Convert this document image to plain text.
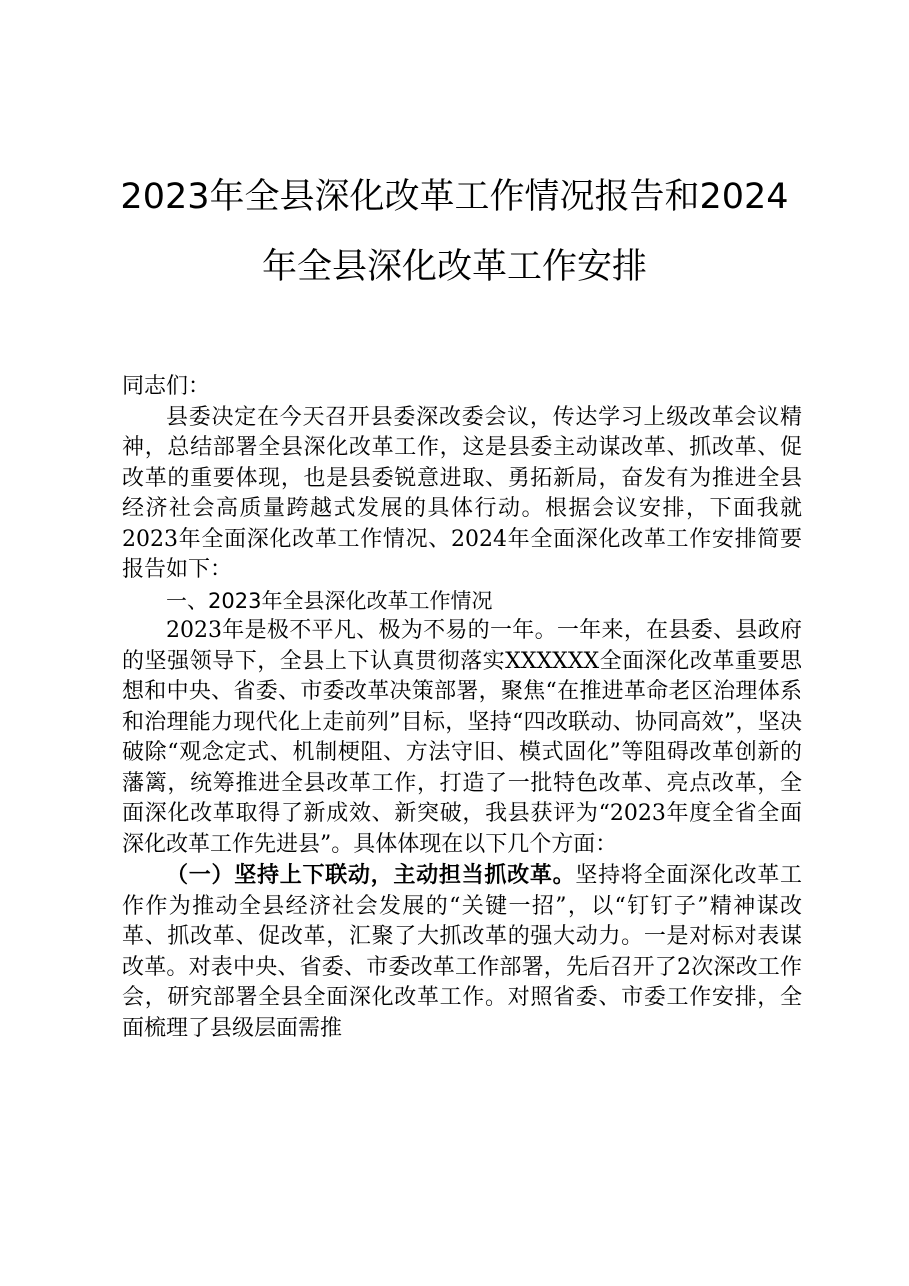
2023年全县深化改革工作情况报告和2024
年全县深化改革工作安排

同志们：

县委决定在今天召开县委深改委会议，传达学习上级改革会议精神，总结部署全县深化改革工作，这是县委主动谋改革、抓改革、促改革的重要体现，也是县委锐意进取、勇拓新局，奋发有为推进全县经济社会高质量跨越式发展的具体行动。根据会议安排，下面我就2023年全面深化改革工作情况、2024年全面深化改革工作安排简要报告如下：

一、2023年全县深化改革工作情况

2023年是极不平凡、极为不易的一年。一年来，在县委、县政府的坚强领导下，全县上下认真贯彻落实XXXXXX全面深化改革重要思想和中央、省委、市委改革决策部署，聚焦“在推进革命老区治理体系和治理能力现代化上走前列”目标，坚持“四改联动、协同高效”，坚决破除“观念定式、机制梗阻、方法守旧、模式固化”等阻碍改革创新的藩篱，统筹推进全县改革工作，打造了一批特色改革、亮点改革，全面深化改革取得了新成效、新突破，我县获评为“2023年度全省全面深化改革工作先进县”。具体体现在以下几个方面：

（一）坚持上下联动，主动担当抓改革。坚持将全面深化改革工作作为推动全县经济社会发展的“关键一招”，以“钉钉子”精神谋改革、抓改革、促改革，汇聚了大抓改革的强大动力。一是对标对表谋改革。对表中央、省委、市委改革工作部署，先后召开了2次深改工作会，研究部署全县全面深化改革工作。对照省委、市委工作安排，全面梳理了县级层面需推
